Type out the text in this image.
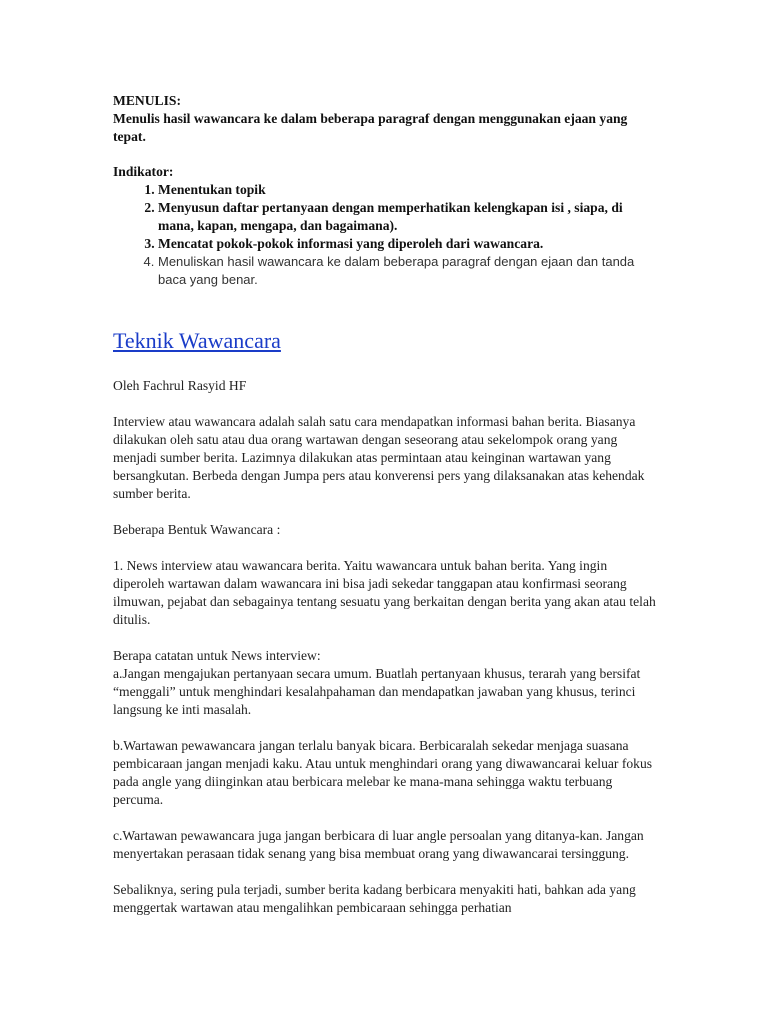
MENULIS:

Menulis hasil wawancara ke dalam beberapa paragraf dengan menggunakan ejaan yang tepat.

Indikator:

1. Menentukan topik
2. Menyusun daftar pertanyaan dengan memperhatikan kelengkapan isi , siapa, di mana, kapan, mengapa, dan bagaimana).
3. Mencatat pokok-pokok informasi yang diperoleh dari wawancara.
4. Menuliskan hasil wawancara ke dalam beberapa paragraf dengan ejaan dan tanda baca yang benar.
Teknik Wawancara

Oleh Fachrul Rasyid HF

Interview atau wawancara adalah salah satu cara mendapatkan informasi bahan berita. Biasanya dilakukan oleh satu atau dua orang wartawan dengan seseorang atau sekelompok orang yang menjadi sumber berita. Lazimnya dilakukan atas permintaan atau keinginan wartawan yang bersangkutan. Berbeda dengan Jumpa pers atau konverensi pers yang dilaksanakan atas kehendak sumber berita.

Beberapa Bentuk Wawancara :

1. News interview atau wawancara berita. Yaitu wawancara untuk bahan berita. Yang ingin diperoleh wartawan dalam wawancara ini bisa jadi sekedar tanggapan atau konfirmasi seorang ilmuwan, pejabat dan sebagainya tentang sesuatu yang berkaitan dengan berita yang akan atau telah ditulis.

Berapa catatan untuk News interview:

a.Jangan mengajukan pertanyaan secara umum. Buatlah pertanyaan khusus, terarah yang bersifat “menggali” untuk menghindari kesalahpahaman dan mendapatkan jawaban yang khusus, terinci langsung ke inti masalah.

b.Wartawan pewawancara jangan terlalu banyak bicara. Berbicaralah sekedar menjaga suasana pembicaraan jangan menjadi kaku. Atau untuk menghindari orang yang diwawancarai keluar fokus pada angle yang diinginkan atau berbicara melebar ke mana-mana sehingga waktu terbuang percuma.

c.Wartawan pewawancara juga jangan berbicara di luar angle persoalan yang ditanya-kan. Jangan menyertakan perasaan tidak senang yang bisa membuat orang yang diwawancarai tersinggung.

Sebaliknya, sering pula terjadi, sumber berita kadang berbicara menyakiti hati, bahkan ada yang menggertak wartawan atau mengalihkan pembicaraan sehingga perhatian
